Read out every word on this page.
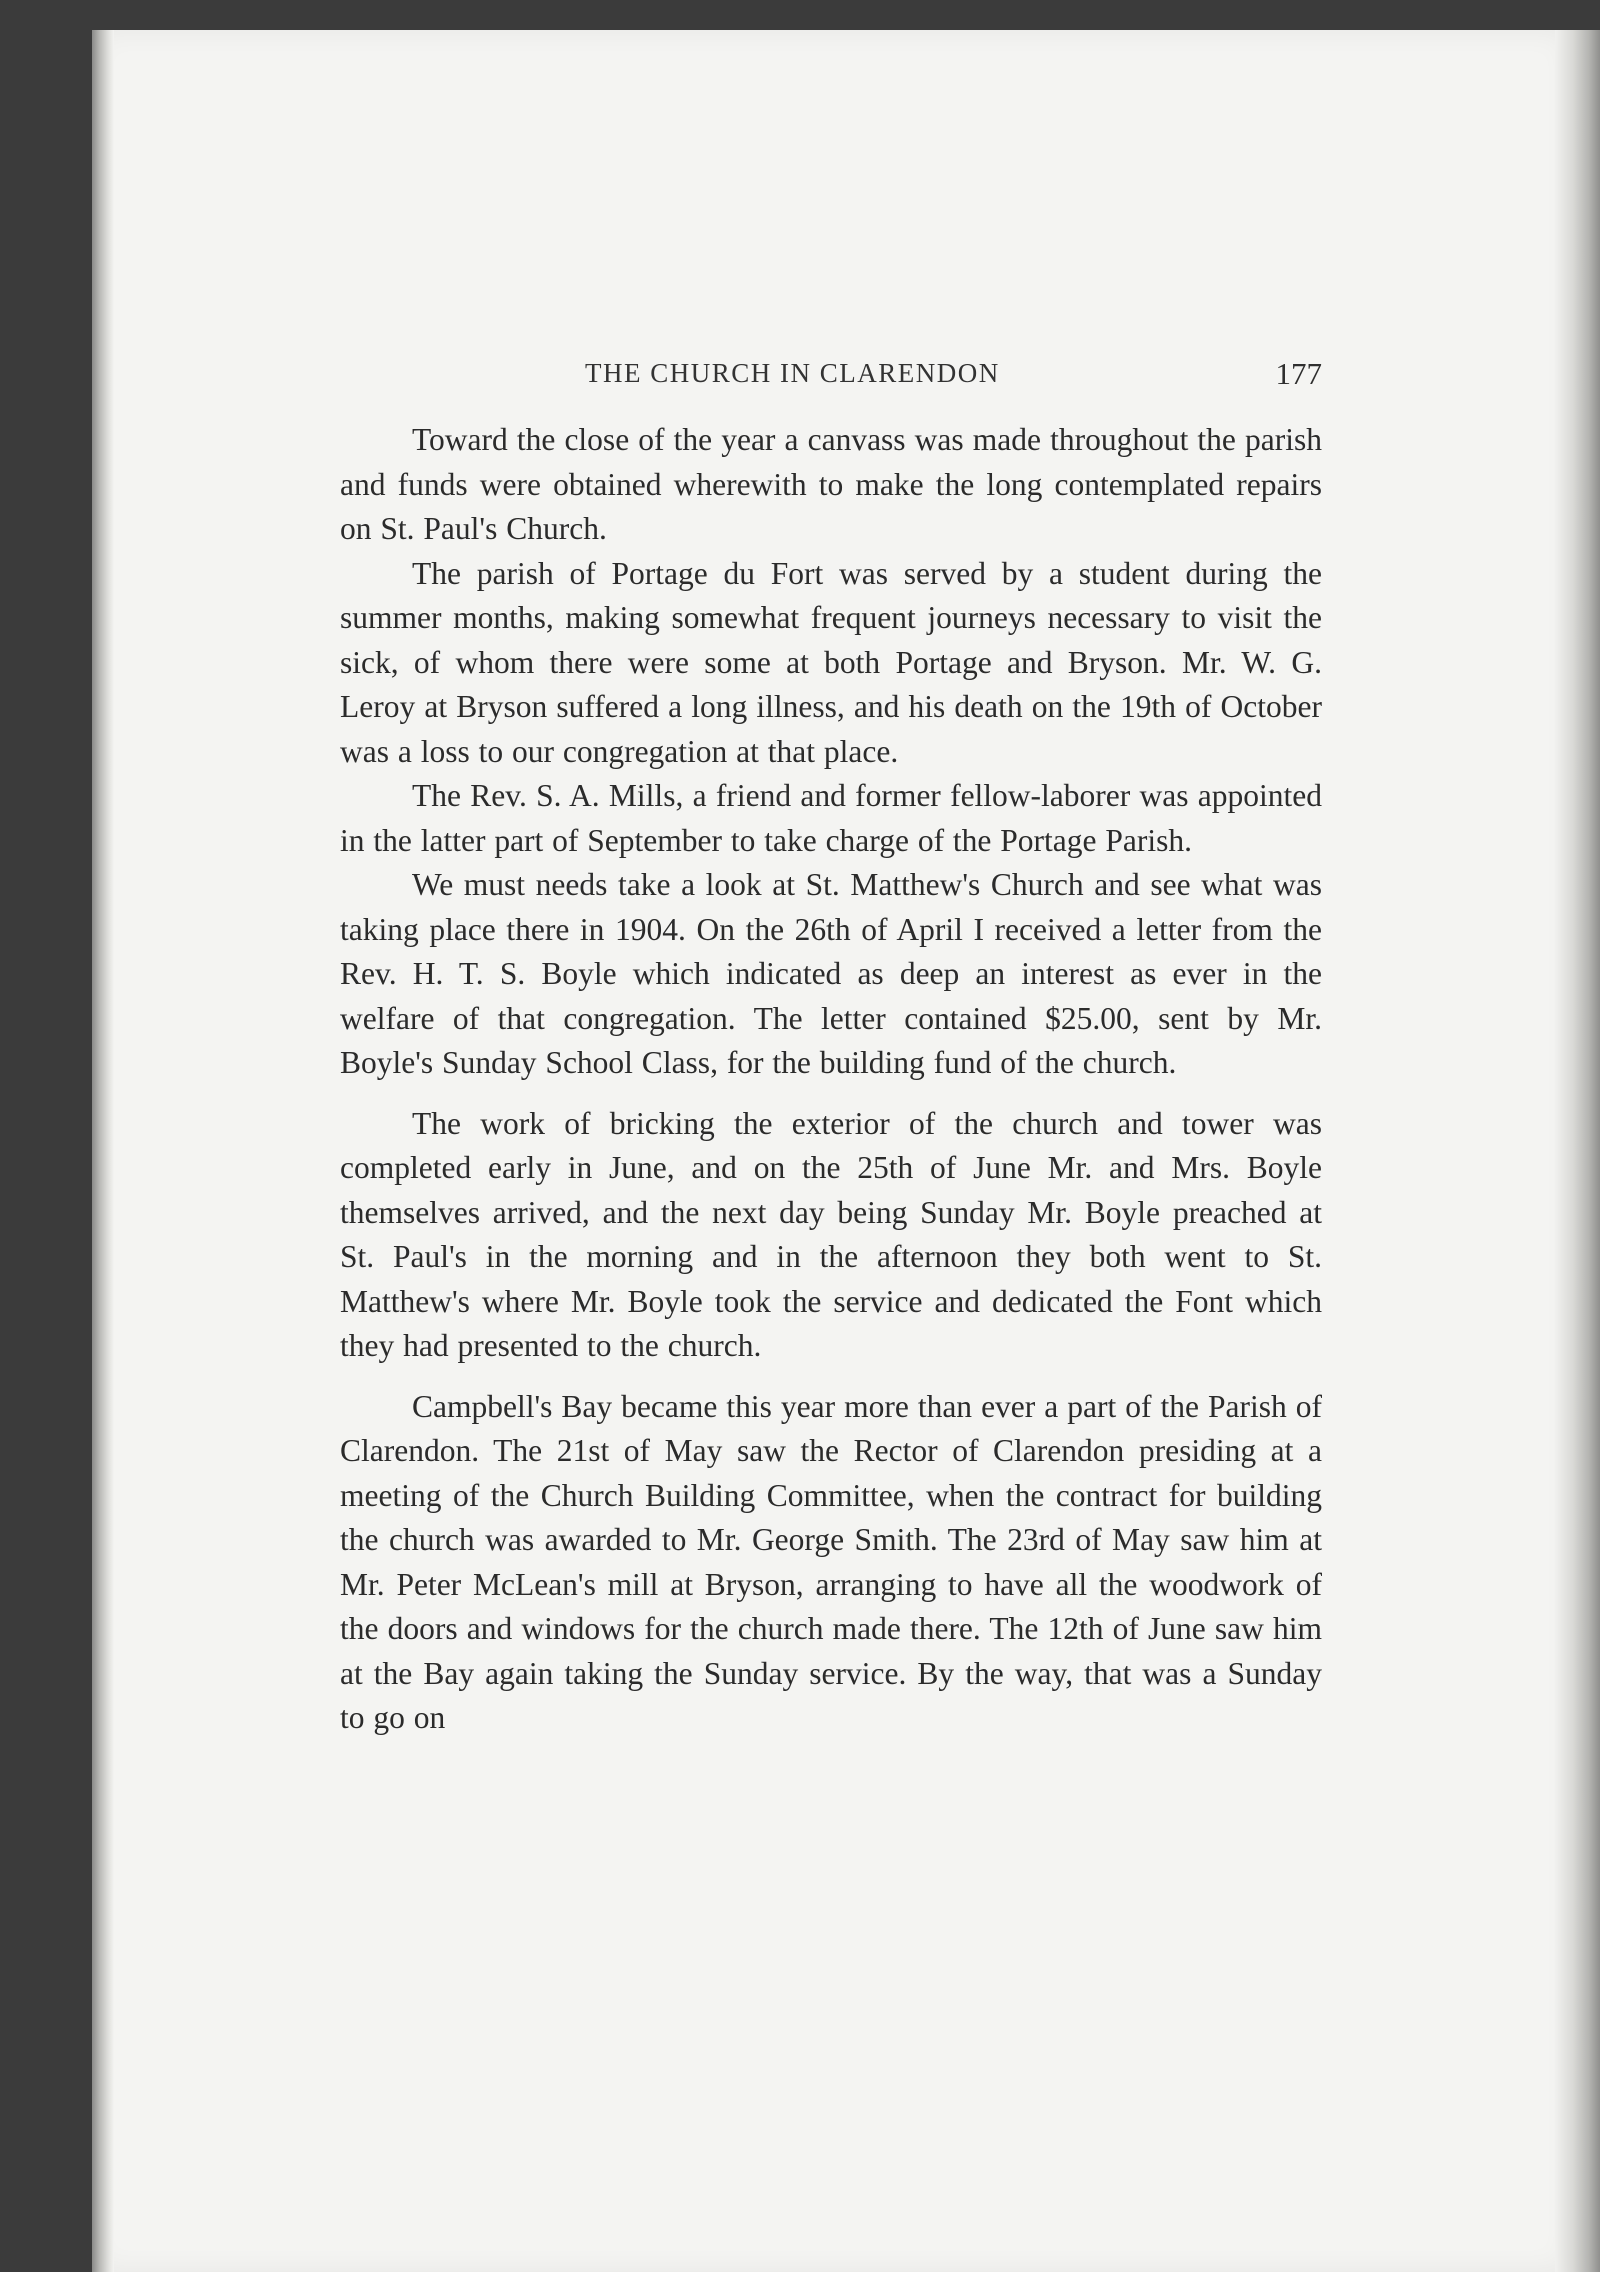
THE CHURCH IN CLARENDON	177

Toward the close of the year a canvass was made throughout the parish and funds were obtained wherewith to make the long contemplated repairs on St. Paul's Church.

The parish of Portage du Fort was served by a student during the summer months, making somewhat frequent journeys necessary to visit the sick, of whom there were some at both Portage and Bryson. Mr. W. G. Leroy at Bryson suffered a long illness, and his death on the 19th of October was a loss to our congregation at that place.

The Rev. S. A. Mills, a friend and former fellow-laborer was appointed in the latter part of September to take charge of the Portage Parish.

We must needs take a look at St. Matthew's Church and see what was taking place there in 1904. On the 26th of April I received a letter from the Rev. H. T. S. Boyle which indicated as deep an interest as ever in the welfare of that congregation. The letter contained $25.00, sent by Mr. Boyle's Sunday School Class, for the building fund of the church.

The work of bricking the exterior of the church and tower was completed early in June, and on the 25th of June Mr. and Mrs. Boyle themselves arrived, and the next day being Sunday Mr. Boyle preached at St. Paul's in the morning and in the afternoon they both went to St. Matthew's where Mr. Boyle took the service and dedicated the Font which they had presented to the church.

Campbell's Bay became this year more than ever a part of the Parish of Clarendon. The 21st of May saw the Rector of Clarendon presiding at a meeting of the Church Building Committee, when the contract for building the church was awarded to Mr. George Smith. The 23rd of May saw him at Mr. Peter McLean's mill at Bryson, arranging to have all the woodwork of the doors and windows for the church made there. The 12th of June saw him at the Bay again taking the Sunday service. By the way, that was a Sunday to go on
